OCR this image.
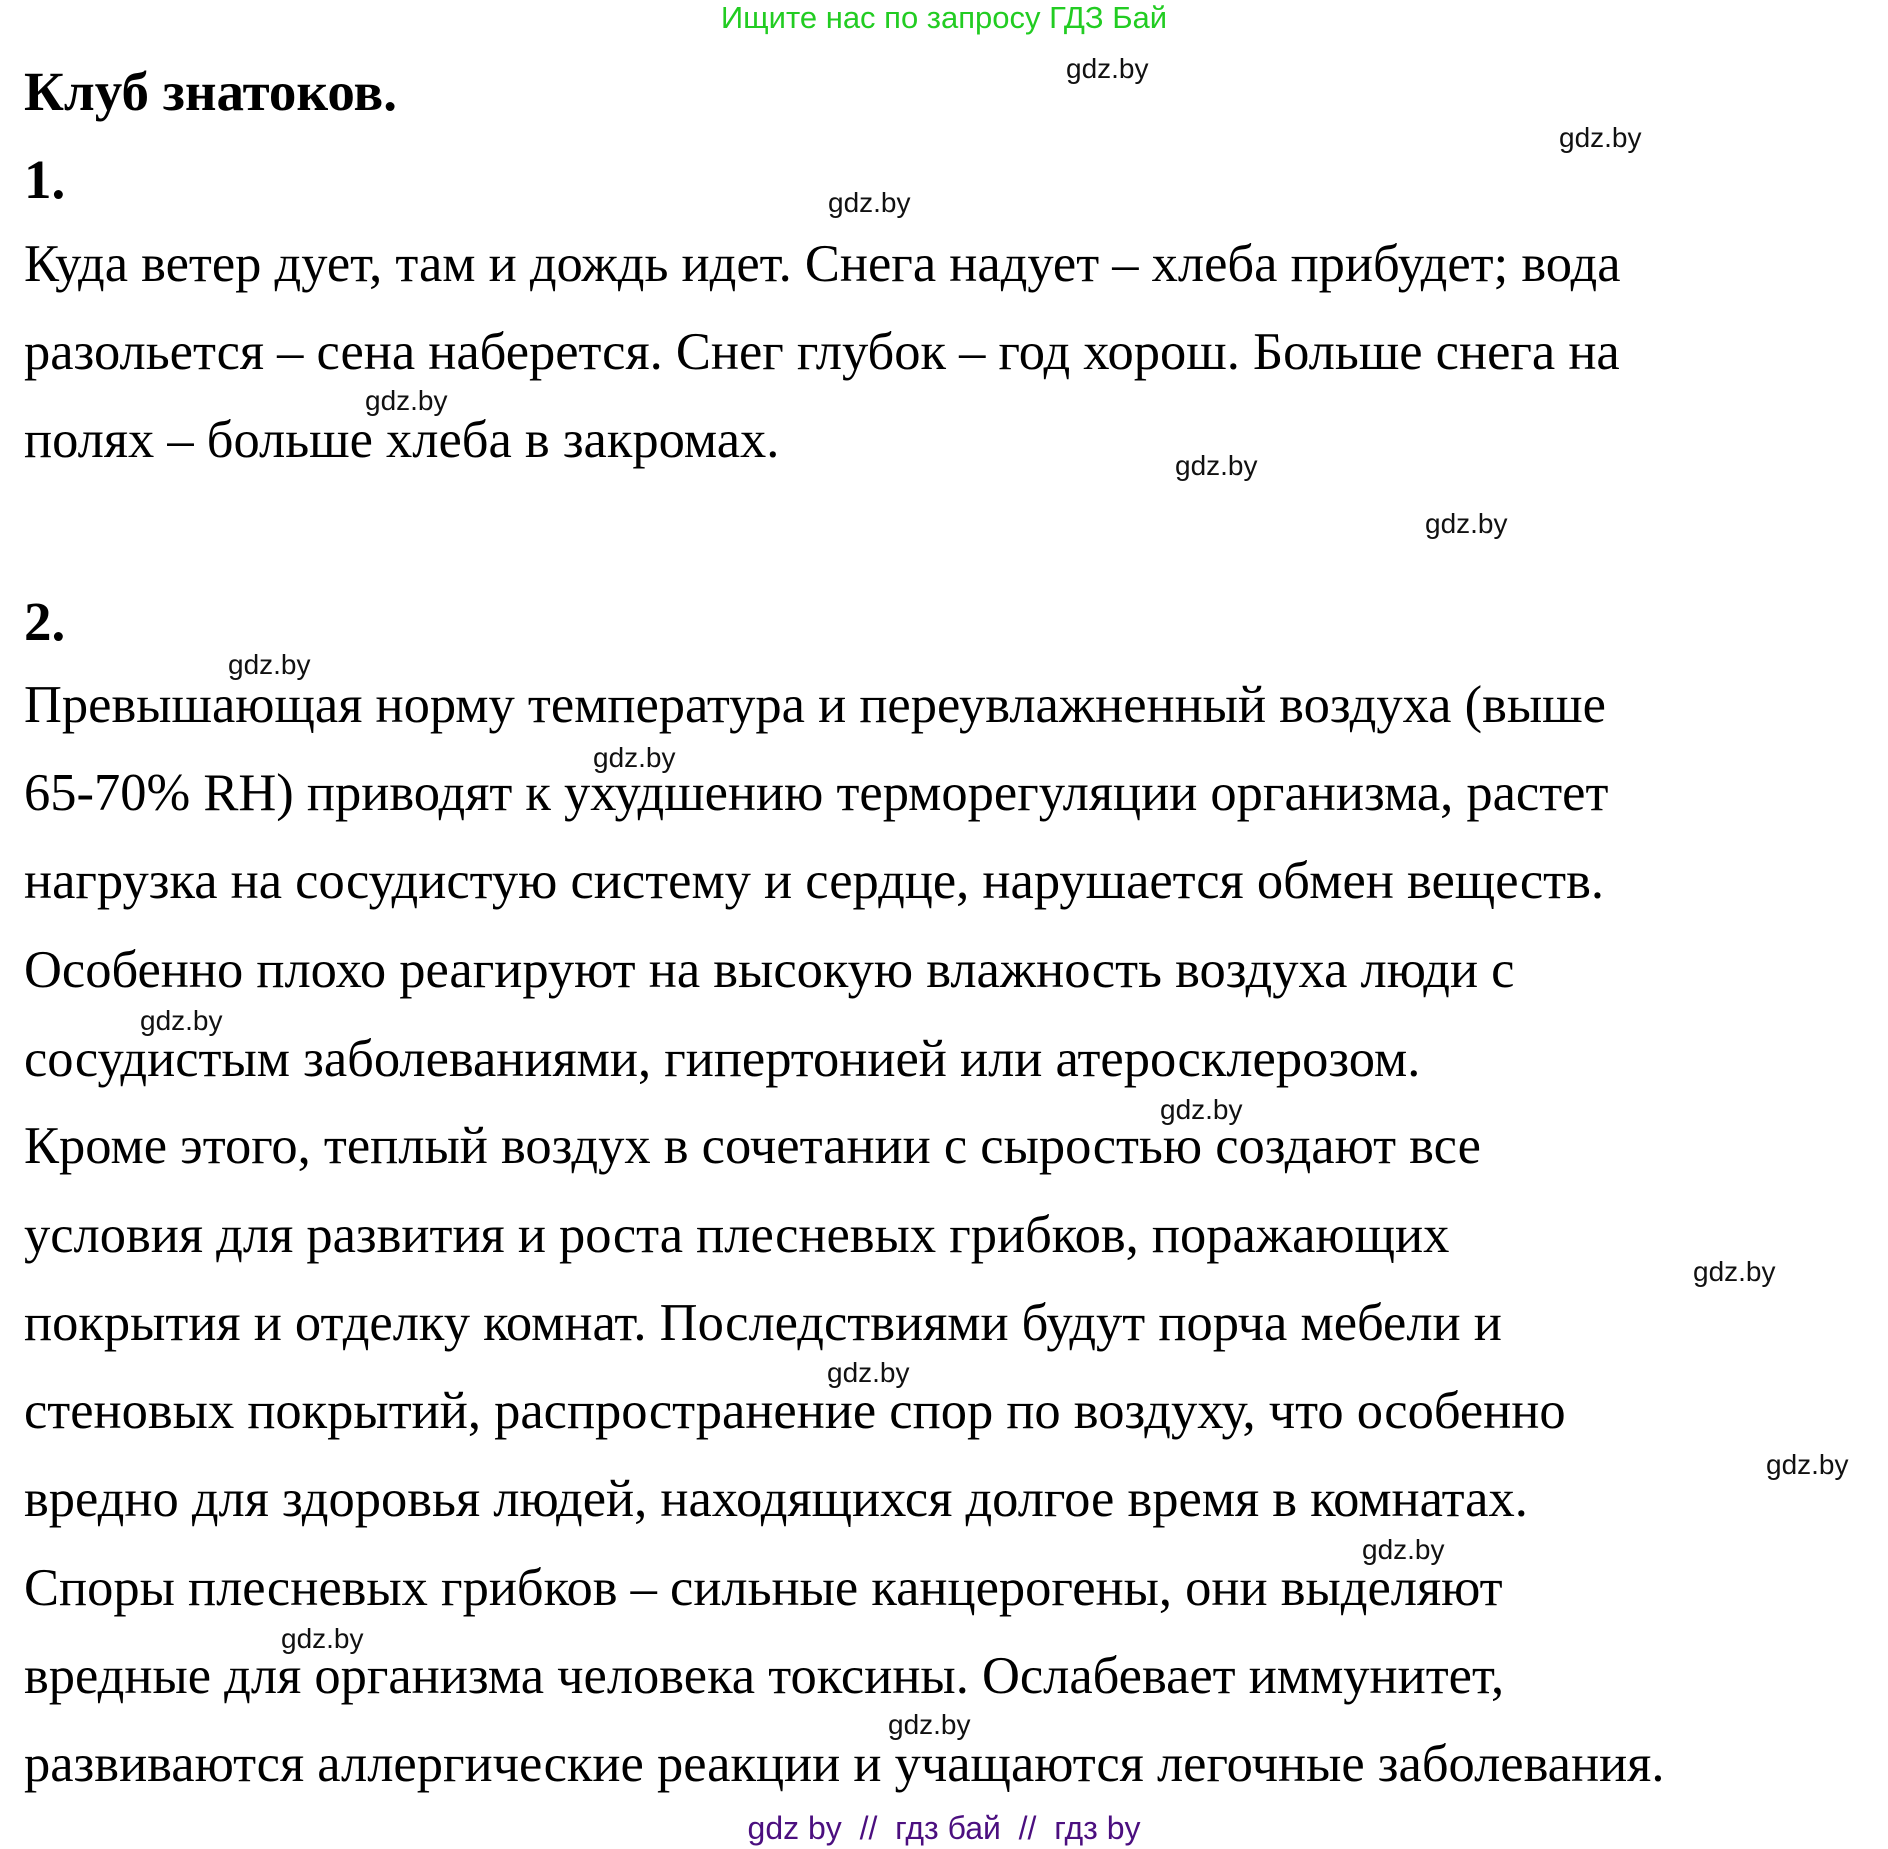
Ищите нас по запросу ГДЗ Бай
Клуб знатоков.
1.
Куда ветер дует, там и дождь идет. Снега надует – хлеба прибудет; вода
разольется – сена наберется. Снег глубок – год хорош. Больше снега на
полях – больше хлеба в закромах.
2.
Превышающая норму температура и переувлажненный воздуха (выше
65-70% RH) приводят к ухудшению терморегуляции организма, растет
нагрузка на сосудистую систему и сердце, нарушается обмен веществ.
Особенно плохо реагируют на высокую влажность воздуха люди с
сосудистым заболеваниями, гипертонией или атеросклерозом.
Кроме этого, теплый воздух в сочетании с сыростью создают все
условия для развития и роста плесневых грибков, поражающих
покрытия и отделку комнат. Последствиями будут порча мебели и
стеновых покрытий, распространение спор по воздуху, что особенно
вредно для здоровья людей, находящихся долгое время в комнатах.
Споры плесневых грибков – сильные канцерогены, они выделяют
вредные для организма человека токсины. Ослабевает иммунитет,
развиваются аллергические реакции и учащаются легочные заболевания.
gdz.by
gdz.by
gdz.by
gdz.by
gdz.by
gdz.by
gdz.by
gdz.by
gdz.by
gdz.by
gdz.by
gdz.by
gdz.by
gdz.by
gdz.by
gdz.by
gdz by  //  гдз бай  //  гдз by
